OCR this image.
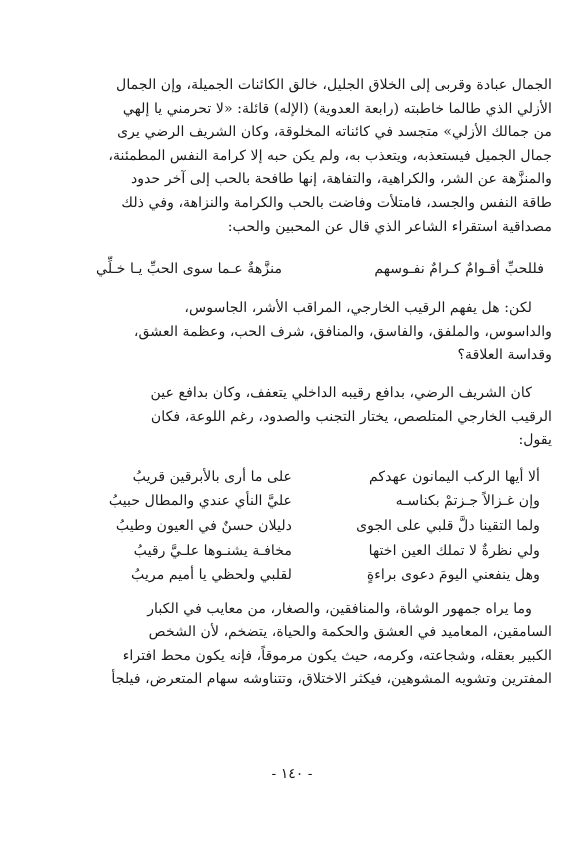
الجمال عبادة وقربى إلى الخلاق الجليل، خالق الكائنات الجميلة، وإن الجمال
الأزلي الذي طالما خاطبته (رابعة العدوية) (الإله) قائلة: «لا تحرمني يا إلهي
من جمالك الأزلي» متجسد في كائناته المخلوقة، وكان الشريف الرضي يرى
جمال الجميل فيستعذبه، ويتعذب به، ولم يكن حبه إلا كرامة النفس المطمئنة،
والمنزَّهة عن الشر، والكراهية، والتفاهة، إنها طافحة بالحب إلى آخر حدود
طاقة النفس والجسد، فامتلأت وفاضت بالحب والكرامة والنزاهة، وفي ذلك
مصداقية استقراء الشاعر الذي قال عن المحبين والحب:
فللحبِّ أقـوامٌ كـرامٌ نفـوسهم
منزَّهةٌ عـما سوى الحبِّ يـا خـلِّي
لكن: هل يفهم الرقيب الخارجي، المراقب الأشر، الجاسوس،
والداسوس، والملفق، والفاسق، والمنافق، شرف الحب، وعظمة العشق،
وقداسة العلاقة؟
كان الشريف الرضي، بدافع رقيبه الداخلي يتعفف، وكان بدافع عين
الرقيب الخارجي المتلصص، يختار التجنب والصدود، رغم اللوعة، فكان
يقول:
ألا أيها الركب اليمانون عهدكم
على ما أرى بالأبرقين قريبُ
وإن غـزالاً جـزتمْ بكناسـه
عليَّ النأي عندي والمطال حبيبُ
ولما التقينا دلَّ قلبي على الجوى
دليلان حسنٌ في العيون وطيبُ
ولي نظرةٌ لا تملك العين اختها
مخافـة يشنـوها علـيَّ رقيبُ
وهل ينفعني اليومَ دعوى براءةٍ
لقلبي ولحظي يا أميم مريبُ
وما يراه جمهور الوشاة، والمنافقين، والصغار، من معايب في الكبار
السامقين، المعاميد في العشق والحكمة والحياة، يتضخم، لأن الشخص
الكبير بعقله، وشجاعته، وكرمه، حيث يكون مرموقاً، فإنه يكون محط افتراء
المفترين وتشويه المشوهين، فيكثر الاختلاق، وتتناوشه سهام المتعرض، فيلجأ
- ١٤٠ -
